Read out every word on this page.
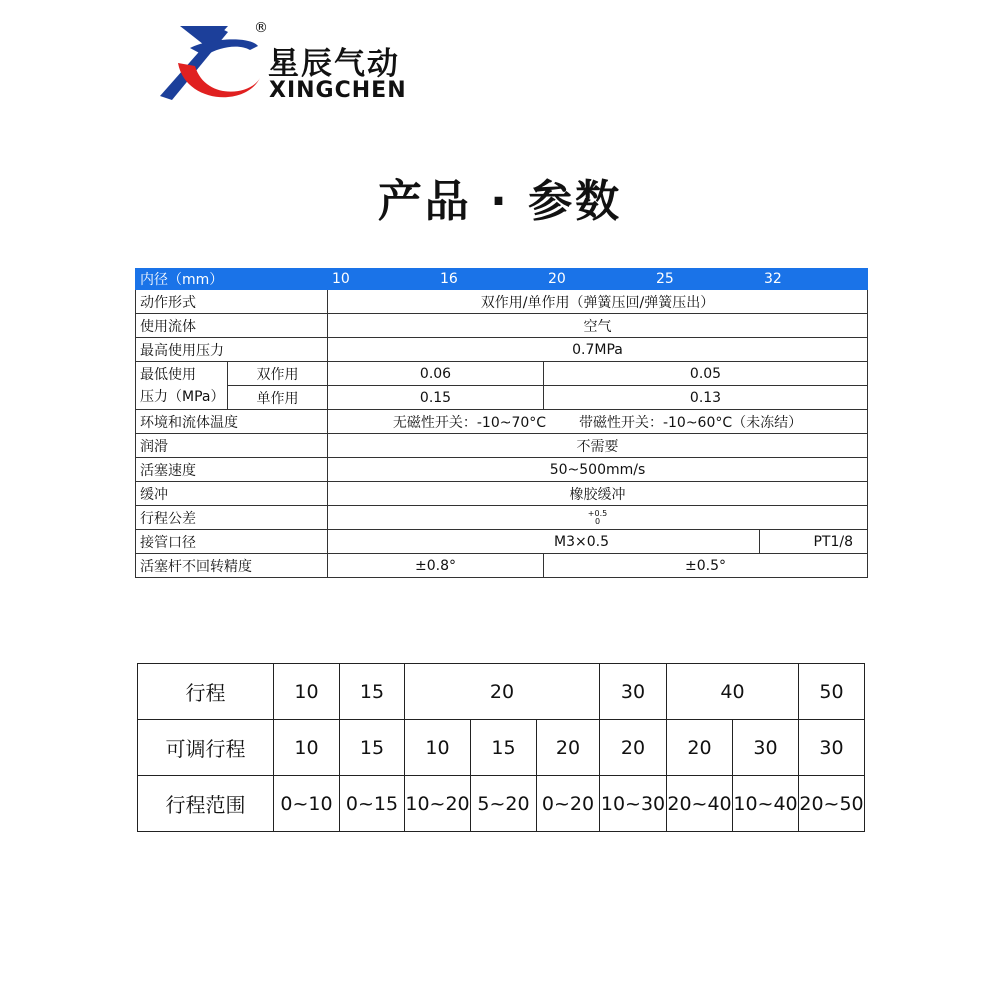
®
星辰气动
XINGCHEN
产品 · 参数
内径（mm）		10	16	20	25	32
动作形式		双作用/单作用（弹簧压回/弹簧压出）				
使用流体		空气				
最高使用压力		0.7MPa				
最低使用
压力（MPa）	双作用	0.06		0.05		
	单作用	0.15		0.13		
环境和流体温度		无磁性开关：-10~70°C 带磁性开关：-10~60°C（未冻结）				
润滑		不需要				
活塞速度		50~500mm/s				
缓冲		橡胶缓冲				
行程公差		+0.5
0				
接管口径		M3×0.5				PT1/8
活塞杆不回转精度		±0.8°		±0.5°		
行程	10	15	20			30	40		50
可调行程	10	15	10	15	20	20	20	30	30
行程范围	0~10	0~15	10~20	5~20	0~20	10~30	20~40	10~40	20~50
